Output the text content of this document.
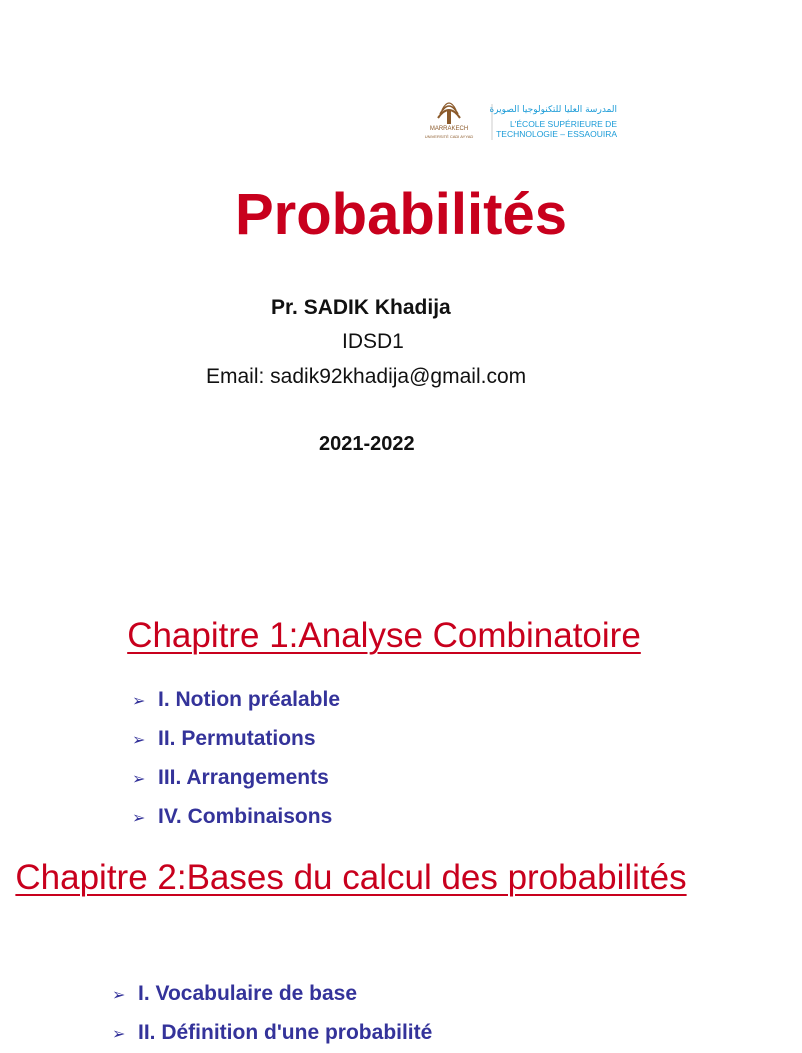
MARRAKECH
UNIVERSITÉ CADI AYYAD
المدرسة العليا للتكنولوجيا الصويرة
L'ÉCOLE SUPÉRIEURE DE
TECHNOLOGIE – ESSAOUIRA
Probabilités
Pr. SADIK Khadija
IDSD1
Email: sadik92khadija@gmail.com
2021-2022
Chapitre 1:Analyse Combinatoire
➢ I. Notion préalable
➢ II. Permutations
➢ III. Arrangements
➢ IV. Combinaisons
Chapitre 2:Bases du calcul des probabilités
➢ I. Vocabulaire de base
➢ II. Définition d'une probabilité
